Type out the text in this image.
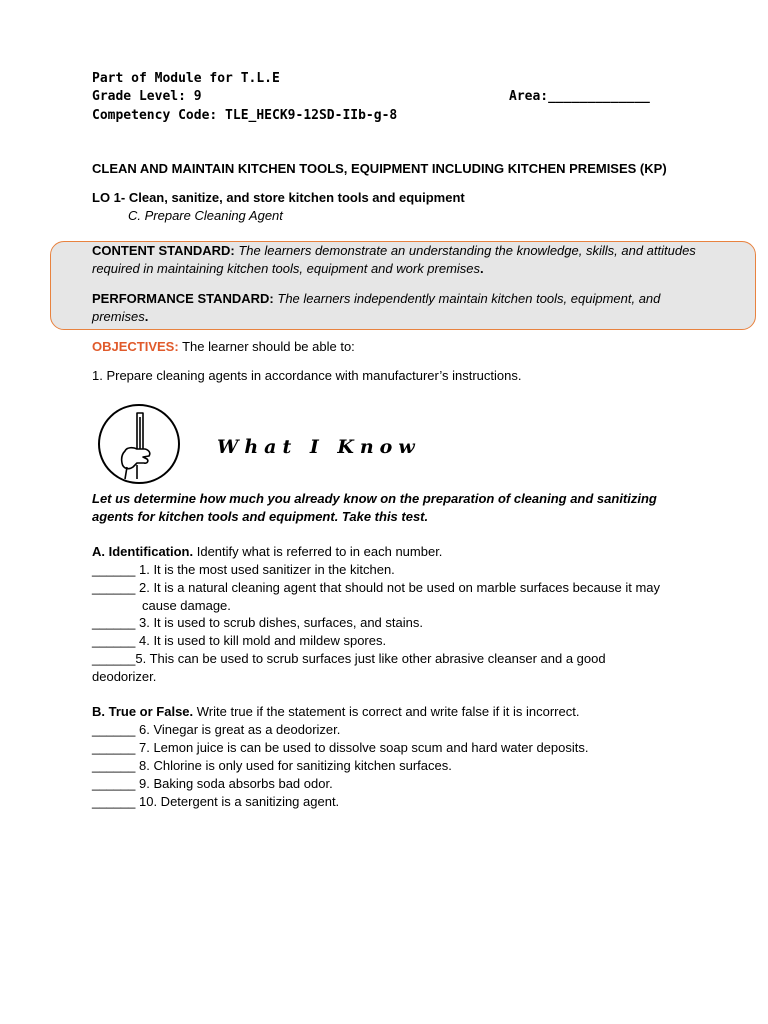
Part of Module for T.L.E
Grade Level: 9	Area:_____________
Competency Code: TLE_HECK9-12SD-IIb-g-8
CLEAN AND MAINTAIN KITCHEN TOOLS, EQUIPMENT INCLUDING KITCHEN PREMISES (KP)
LO 1- Clean, sanitize, and store kitchen tools and equipment
C. Prepare Cleaning Agent
CONTENT STANDARD: The learners demonstrate an understanding the knowledge, skills, and attitudes required in maintaining kitchen tools, equipment and work premises.
PERFORMANCE STANDARD: The learners independently maintain kitchen tools, equipment, and premises.
OBJECTIVES: The learner should be able to:
1. Prepare cleaning agents in accordance with manufacturer’s instructions.
What I Know
Let us determine how much you already know on the preparation of cleaning and sanitizing agents for kitchen tools and equipment. Take this test.
A. Identification. Identify what is referred to in each number.
______ 1. It is the most used sanitizer in the kitchen.
______ 2. It is a natural cleaning agent that should not be used on marble surfaces because it may
cause damage.
______ 3. It is used to scrub dishes, surfaces, and stains.
______ 4. It is used to kill mold and mildew spores.
______5. This can be used to scrub surfaces just like other abrasive cleanser and a good
deodorizer.
B. True or False. Write true if the statement is correct and write false if it is incorrect.
______ 6. Vinegar is great as a deodorizer.
______ 7. Lemon juice is can be used to dissolve soap scum and hard water deposits.
______ 8. Chlorine is only used for sanitizing kitchen surfaces.
______ 9. Baking soda absorbs bad odor.
______ 10. Detergent is a sanitizing agent.
